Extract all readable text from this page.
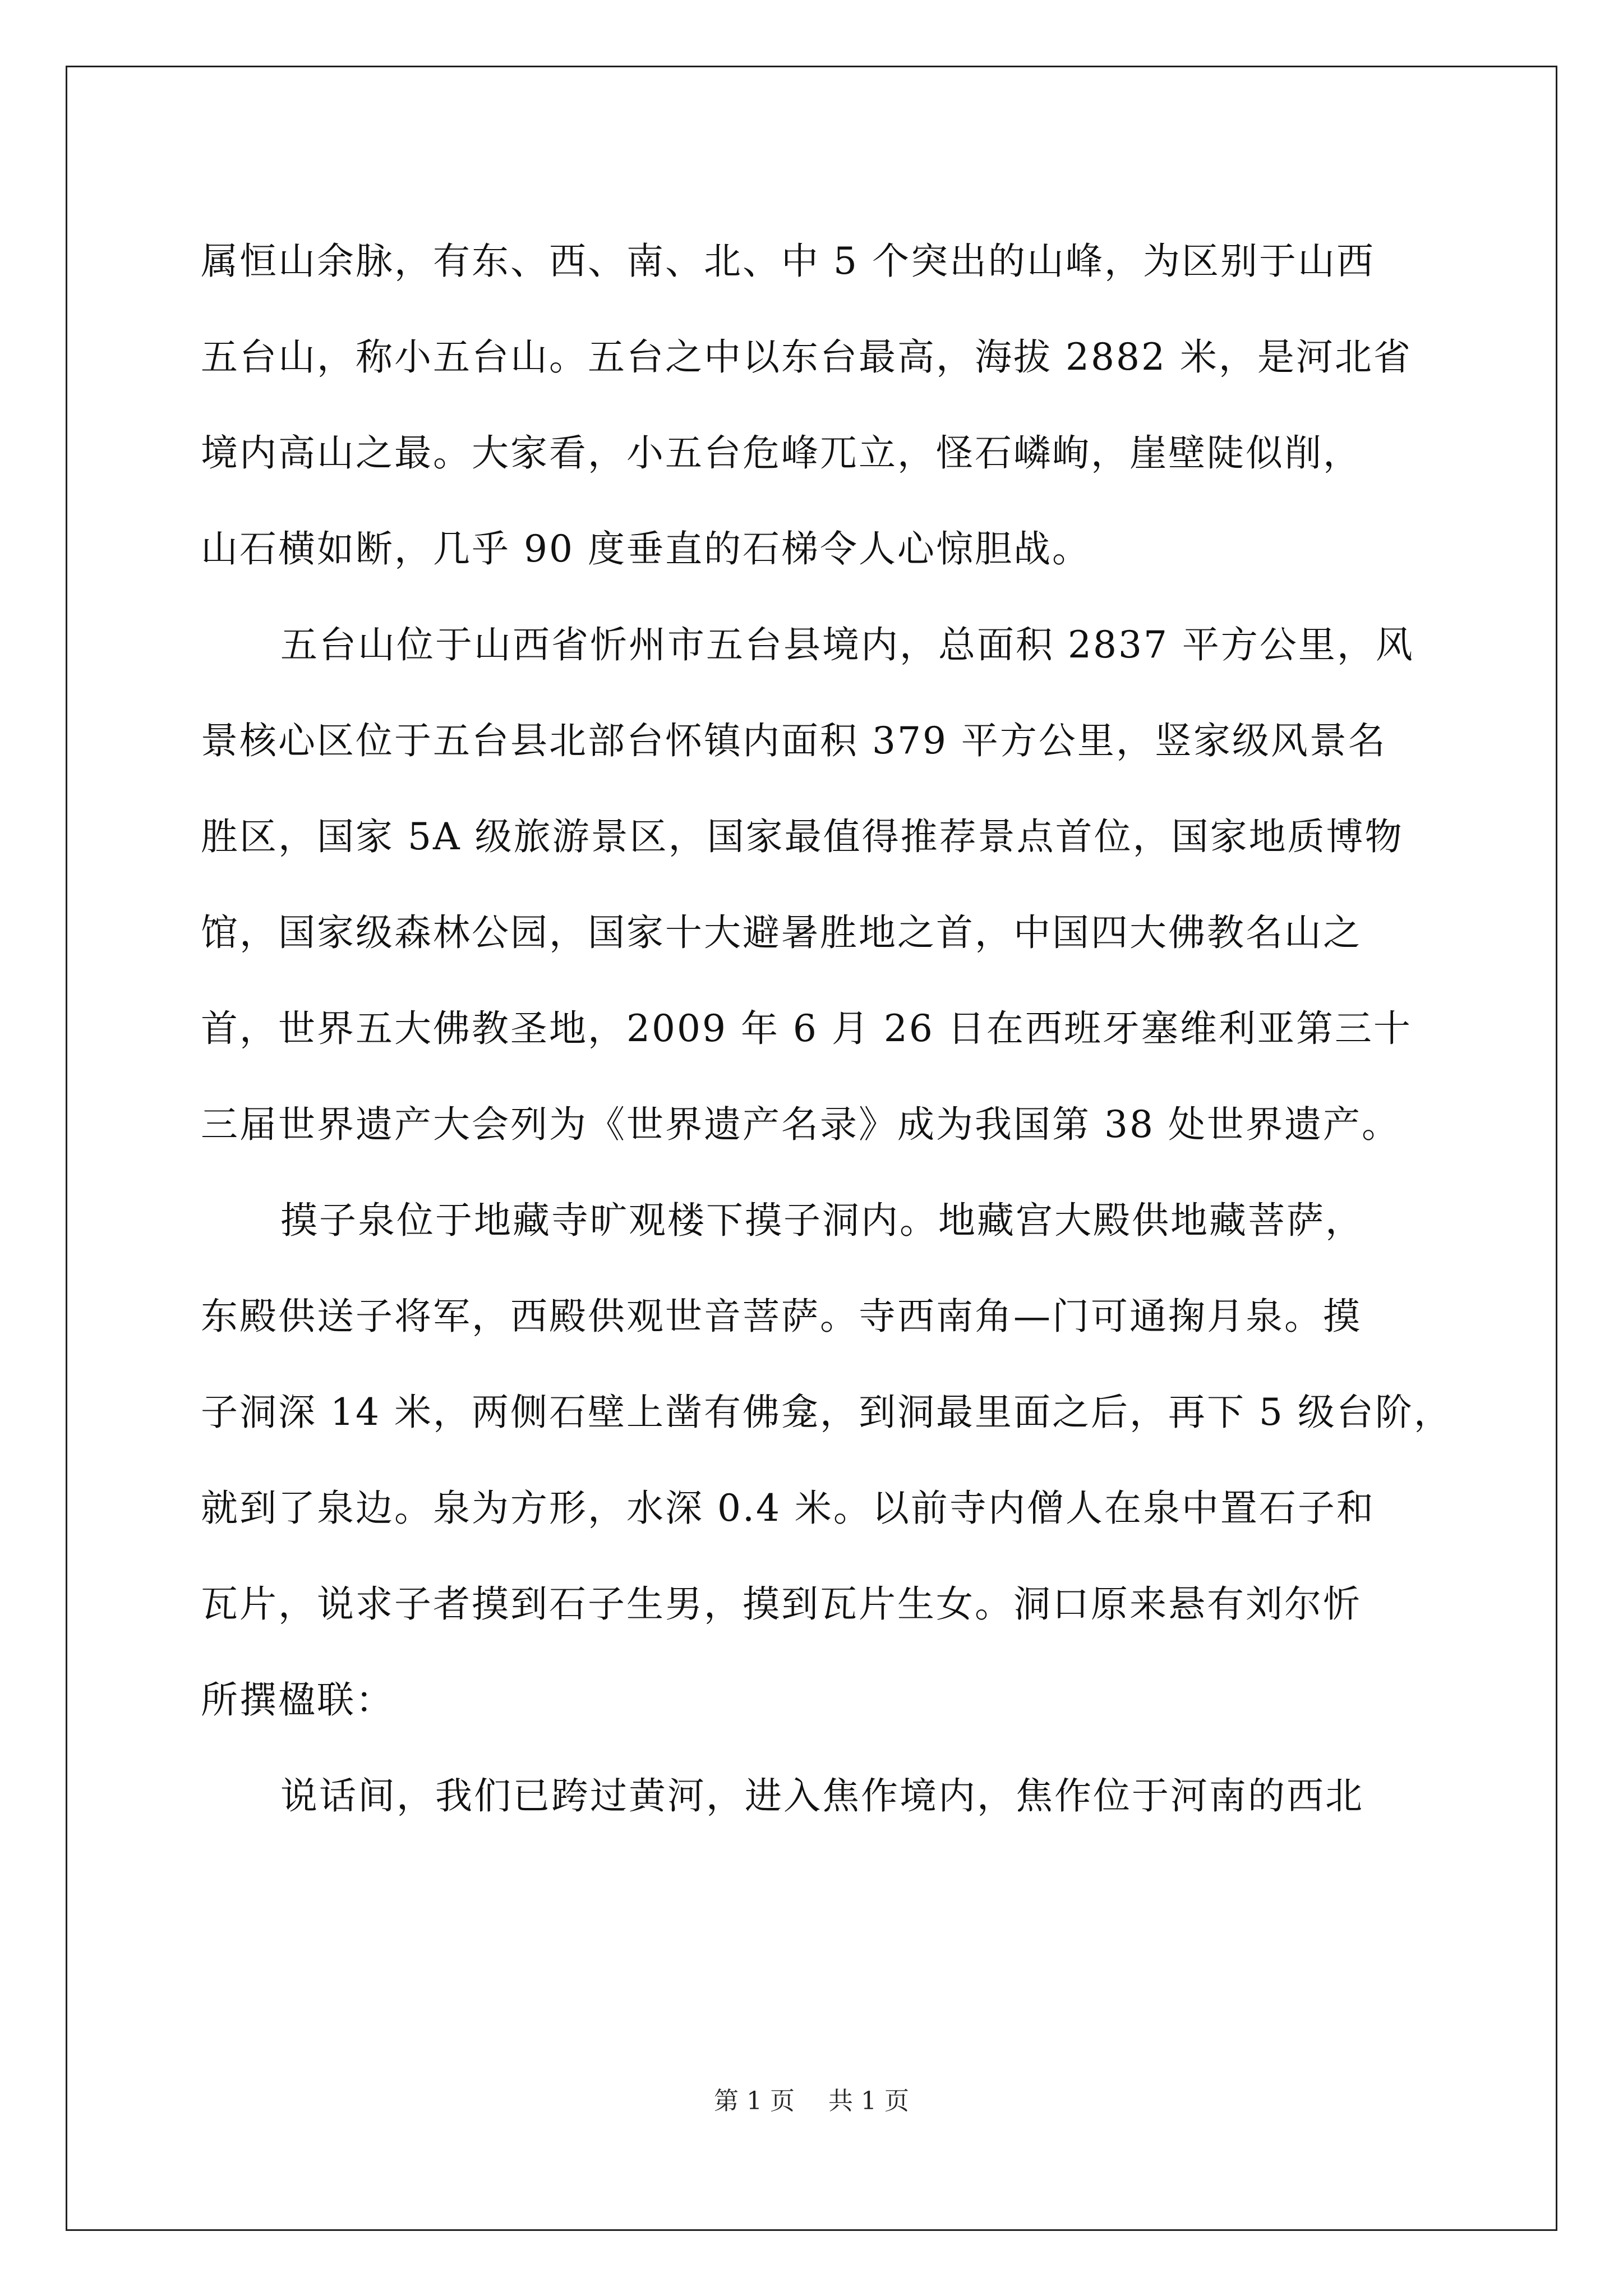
属恒山余脉，有东、西、南、北、中 5 个突出的山峰，为区别于山西
五台山，称小五台山。五台之中以东台最高，海拔 2882 米，是河北省
境内高山之最。大家看，小五台危峰兀立，怪石嶙峋，崖壁陡似削，
山石横如断，几乎 90 度垂直的石梯令人心惊胆战。
五台山位于山西省忻州市五台县境内，总面积 2837 平方公里，风
景核心区位于五台县北部台怀镇内面积 379 平方公里，竖家级风景名
胜区，国家 5A 级旅游景区，国家最值得推荐景点首位，国家地质博物
馆，国家级森林公园，国家十大避暑胜地之首，中国四大佛教名山之
首，世界五大佛教圣地，2009 年 6 月 26 日在西班牙塞维利亚第三十
三届世界遗产大会列为《世界遗产名录》成为我国第 38 处世界遗产。
摸子泉位于地藏寺旷观楼下摸子洞内。地藏宫大殿供地藏菩萨，
东殿供送子将军，西殿供观世音菩萨。寺西南角—门可通掬月泉。摸
子洞深 14 米，两侧石壁上凿有佛龛，到洞最里面之后，再下 5 级台阶，
就到了泉边。泉为方形，水深 0.4 米。以前寺内僧人在泉中置石子和
瓦片，说求子者摸到石子生男，摸到瓦片生女。洞口原来悬有刘尔忻
所撰楹联：
说话间，我们已跨过黄河，进入焦作境内，焦作位于河南的西北
第 1 页 共 1 页
